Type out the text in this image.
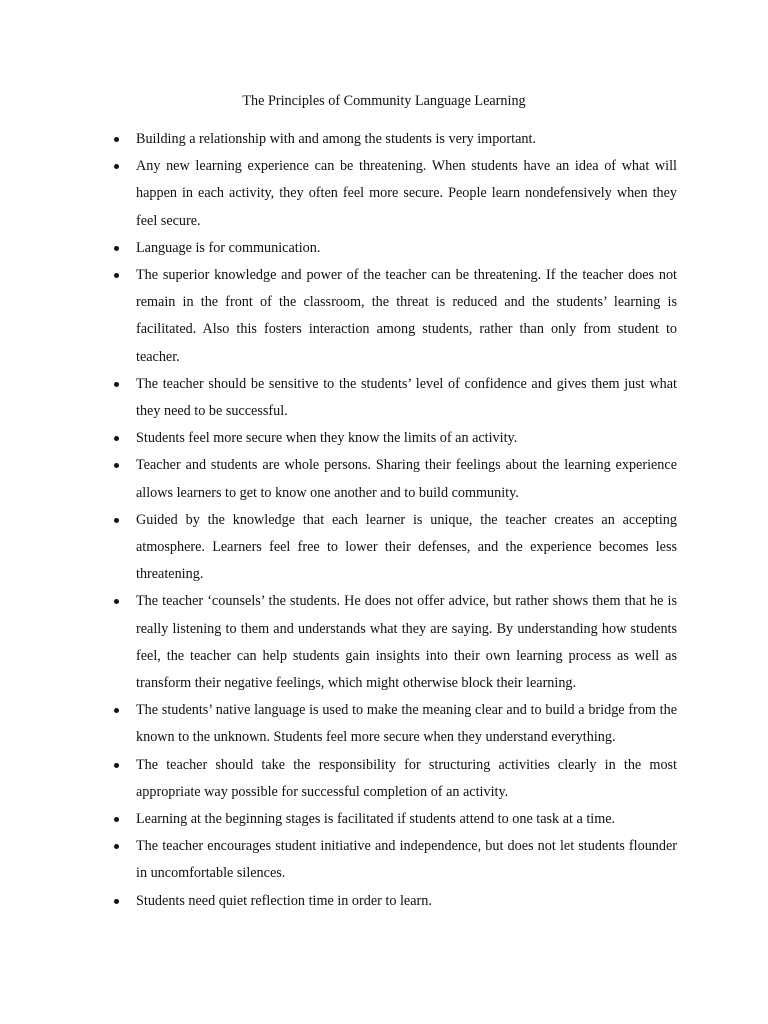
The Principles of Community Language Learning
Building a relationship with and among the students is very important.
Any new learning experience can be threatening. When students have an idea of what will happen in each activity, they often feel more secure. People learn nondefensively when they feel secure.
Language is for communication.
The superior knowledge and power of the teacher can be threatening. If the teacher does not remain in the front of the classroom, the threat is reduced and the students’ learning is facilitated. Also this fosters interaction among students, rather than only from student to teacher.
The teacher should be sensitive to the students’ level of confidence and gives them just what they need to be successful.
Students feel more secure when they know the limits of an activity.
Teacher and students are whole persons. Sharing their feelings about the learning experience allows learners to get to know one another and to build community.
Guided by the knowledge that each learner is unique, the teacher creates an accepting atmosphere. Learners feel free to lower their defenses, and the experience becomes less threatening.
The teacher ‘counsels’ the students. He does not offer advice, but rather shows them that he is really listening to them and understands what they are saying. By understanding how students feel, the teacher can help students gain insights into their own learning process as well as transform their negative feelings, which might otherwise block their learning.
The students’ native language is used to make the meaning clear and to build a bridge from the known to the unknown. Students feel more secure when they understand everything.
The teacher should take the responsibility for structuring activities clearly in the most appropriate way possible for successful completion of an activity.
Learning at the beginning stages is facilitated if students attend to one task at a time.
The teacher encourages student initiative and independence, but does not let students flounder in uncomfortable silences.
Students need quiet reflection time in order to learn.
